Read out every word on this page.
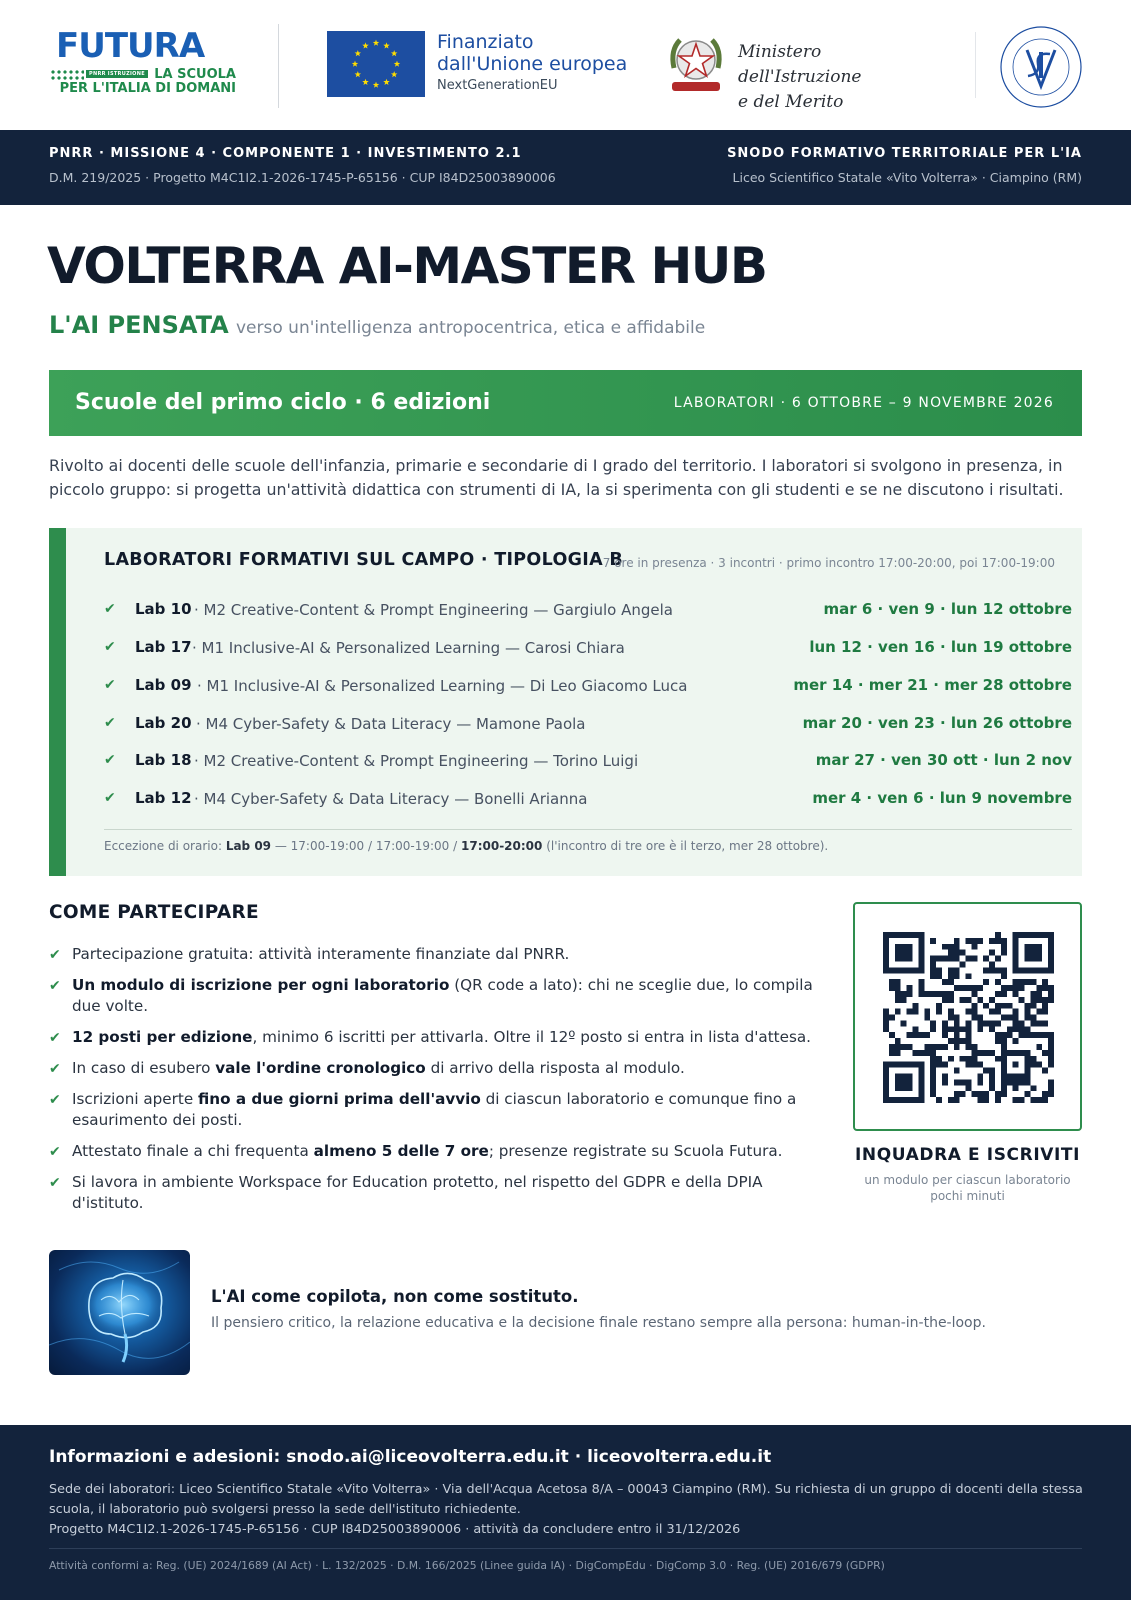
FUTURA
PNRR ISTRUZIONE LA SCUOLA
PER L'ITALIA DI DOMANI
Finanziato
dall'Unione europea
NextGenerationEU
Ministero dell'Istruzione
e del Merito
PNRR · MISSIONE 4 · COMPONENTE 1 · INVESTIMENTO 2.1
D.M. 219/2025 · Progetto M4C1I2.1-2026-1745-P-65156 · CUP I84D25003890006
SNODO FORMATIVO TERRITORIALE PER L'IA
Liceo Scientifico Statale «Vito Volterra» · Ciampino (RM)
VOLTERRA AI-MASTER HUB
L'AI PENSATA verso un'intelligenza antropocentrica, etica e affidabile
Scuole del primo ciclo · 6 edizioni	LABORATORI · 6 OTTOBRE – 9 NOVEMBRE 2026
Rivolto ai docenti delle scuole dell'infanzia, primarie e secondarie di I grado del territorio. I laboratori si svolgono in presenza, in piccolo gruppo: si progetta un'attività didattica con strumenti di IA, la si sperimenta con gli studenti e se ne discutono i risultati.
LABORATORI FORMATIVI SUL CAMPO · TIPOLOGIA B
7 ore in presenza · 3 incontri · primo incontro 17:00-20:00, poi 17:00-19:00
✔ Lab 10 · M2 Creative-Content & Prompt Engineering — Gargiulo Angela	mar 6 · ven 9 · lun 12 ottobre
✔ Lab 17 · M1 Inclusive-AI & Personalized Learning — Carosi Chiara	lun 12 · ven 16 · lun 19 ottobre
✔ Lab 09 · M1 Inclusive-AI & Personalized Learning — Di Leo Giacomo Luca	mer 14 · mer 21 · mer 28 ottobre
✔ Lab 20 · M4 Cyber-Safety & Data Literacy — Mamone Paola	mar 20 · ven 23 · lun 26 ottobre
✔ Lab 18 · M2 Creative-Content & Prompt Engineering — Torino Luigi	mar 27 · ven 30 ott · lun 2 nov
✔ Lab 12 · M4 Cyber-Safety & Data Literacy — Bonelli Arianna	mer 4 · ven 6 · lun 9 novembre
Eccezione di orario: Lab 09 — 17:00-19:00 / 17:00-19:00 / 17:00-20:00 (l'incontro di tre ore è il terzo, mer 28 ottobre).
COME PARTECIPARE
✔ Partecipazione gratuita: attività interamente finanziate dal PNRR.
✔ Un modulo di iscrizione per ogni laboratorio (QR code a lato): chi ne sceglie due, lo compila due volte.
✔ 12 posti per edizione, minimo 6 iscritti per attivarla. Oltre il 12º posto si entra in lista d'attesa.
✔ In caso di esubero vale l'ordine cronologico di arrivo della risposta al modulo.
✔ Iscrizioni aperte fino a due giorni prima dell'avvio di ciascun laboratorio e comunque fino a esaurimento dei posti.
✔ Attestato finale a chi frequenta almeno 5 delle 7 ore; presenze registrate su Scuola Futura.
✔ Si lavora in ambiente Workspace for Education protetto, nel rispetto del GDPR e della DPIA d'istituto.
INQUADRA E ISCRIVITI
un modulo per ciascun laboratorio
pochi minuti
L'AI come copilota, non come sostituto.
Il pensiero critico, la relazione educativa e la decisione finale restano sempre alla persona: human-in-the-loop.
Informazioni e adesioni: snodo.ai@liceovolterra.edu.it · liceovolterra.edu.it
Sede dei laboratori: Liceo Scientifico Statale «Vito Volterra» · Via dell'Acqua Acetosa 8/A – 00043 Ciampino (RM). Su richiesta di un gruppo di docenti della stessa
scuola, il laboratorio può svolgersi presso la sede dell'istituto richiedente.
Progetto M4C1I2.1-2026-1745-P-65156 · CUP I84D25003890006 · attività da concludere entro il 31/12/2026
Attività conformi a: Reg. (UE) 2024/1689 (AI Act) · L. 132/2025 · D.M. 166/2025 (Linee guida IA) · DigCompEdu · DigComp 3.0 · Reg. (UE) 2016/679 (GDPR)
